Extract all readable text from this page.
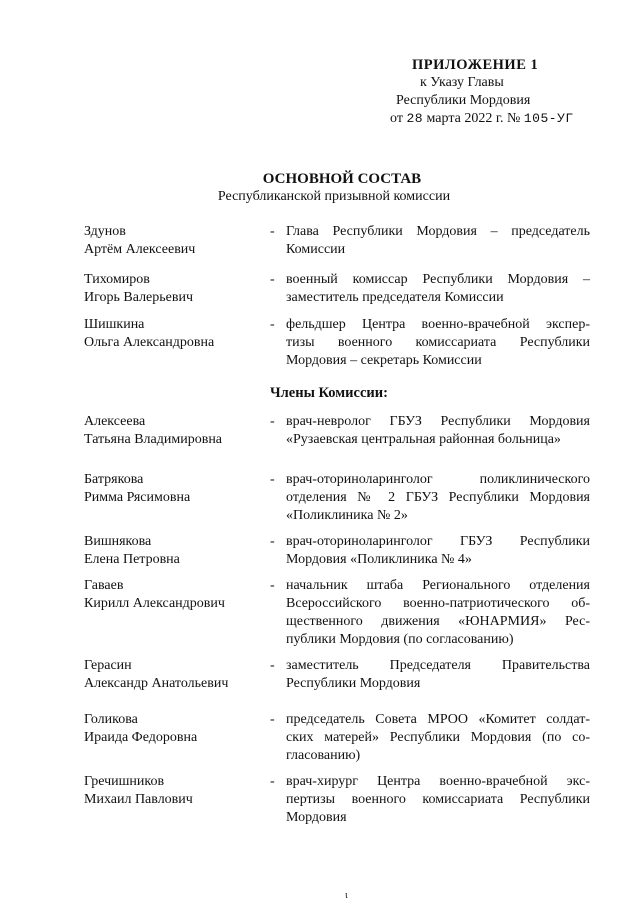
ПРИЛОЖЕНИЕ 1
к Указу Главы
Республики Мордовия
от 28 марта 2022 г. № 105-УГ
ОСНОВНОЙ СОСТАВ
Республиканской призывной комиссии
Здунов
Артём Алексеевич
- Глава Республики Мордовия – председатель
Комиссии
Тихомиров
Игорь Валерьевич
- военный комиссар Республики Мордовия –
заместитель председателя Комиссии
Шишкина
Ольга Александровна
- фельдшер Центра военно-врачебной экспер-
тизы военного комиссариата Республики
Мордовия – секретарь Комиссии
Члены Комиссии:
Алексеева
Татьяна Владимировна
- врач-невролог ГБУЗ Республики Мордовия
«Рузаевская центральная районная больница»
Батрякова
Римма Рясимовна
- врач-оториноларинголог поликлинического
отделения № 2 ГБУЗ Республики Мордовия
«Поликлиника № 2»
Вишнякова
Елена Петровна
- врач-оториноларинголог ГБУЗ Республики
Мордовия «Поликлиника № 4»
Гаваев
Кирилл Александрович
- начальник штаба Регионального отделения
Всероссийского военно-патриотического об-
щественного движения «ЮНАРМИЯ» Рес-
публики Мордовия (по согласованию)
Герасин
Александр Анатольевич
- заместитель Председателя Правительства
Республики Мордовия
Голикова
Ираида Федоровна
- председатель Совета МРОО «Комитет солдат-
ских матерей» Республики Мордовия (по со-
гласованию)
Гречишников
Михаил Павлович
- врач-хирург Центра военно-врачебной экс-
пертизы военного комиссариата Республики
Мордовия
ι
